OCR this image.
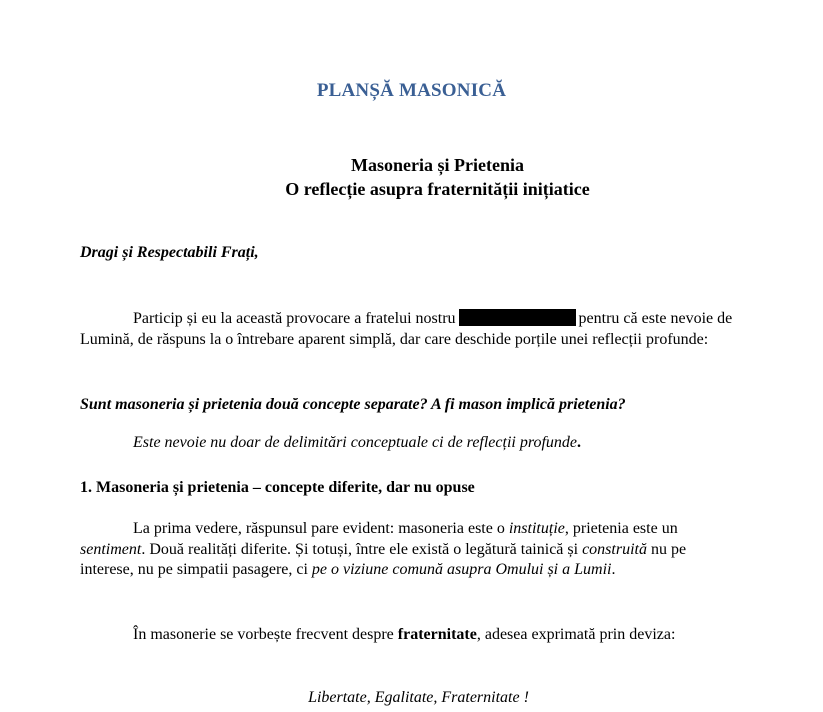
PLANȘĂ MASONICĂ
Masoneria și Prietenia
O reflecție asupra fraternității inițiatice
Dragi și Respectabili Frați,
Particip și eu la această provocare a fratelui nostru	pentru că este nevoie de Lumină, de răspuns la o întrebare aparent simplă, dar care deschide porțile unei reflecții profunde:
Sunt masoneria și prietenia două concepte separate? A fi mason implică prietenia?
Este nevoie nu doar de delimitări conceptuale ci de reflecții profunde.
1. Masoneria și prietenia – concepte diferite, dar nu opuse
La prima vedere, răspunsul pare evident: masoneria este o instituție, prietenia este un sentiment. Două realități diferite. Și totuși, între ele există o legătură tainică și construită nu pe interese, nu pe simpatii pasagere, ci pe o viziune comună asupra Omului și a Lumii.
În masonerie se vorbește frecvent despre fraternitate, adesea exprimată prin deviza:
Libertate, Egalitate, Fraternitate !
